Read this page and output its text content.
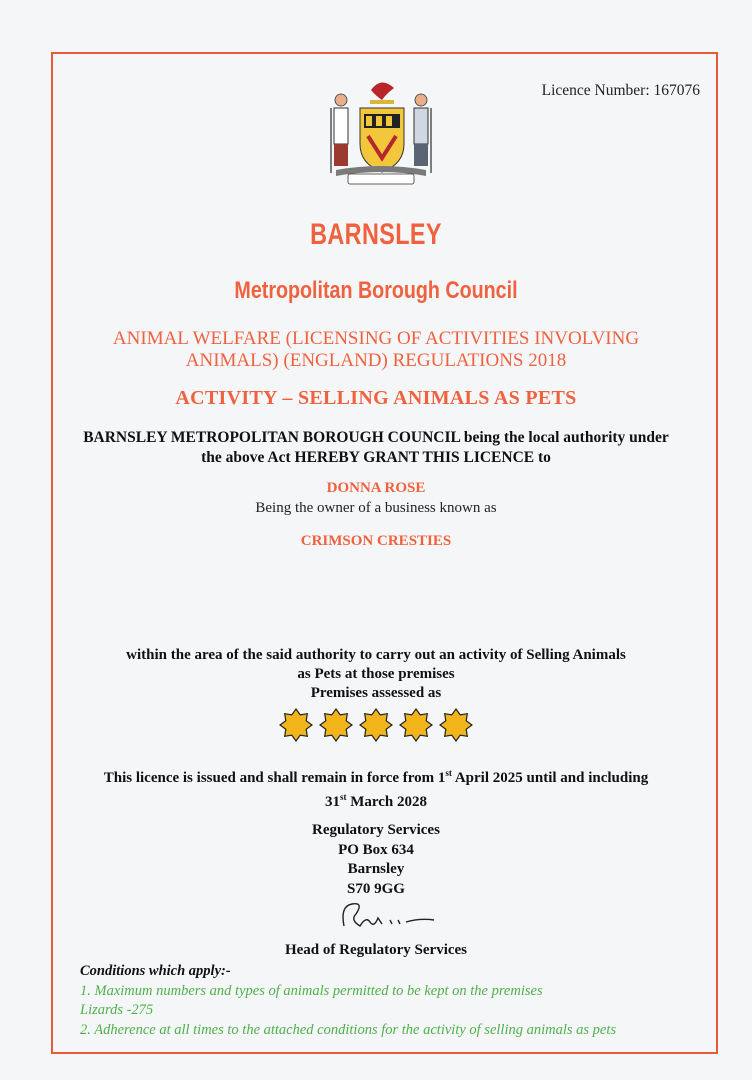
Licence Number: 167076
BARNSLEY
Metropolitan Borough Council
ANIMAL WELFARE (LICENSING OF ACTIVITIES INVOLVING
ANIMALS) (ENGLAND) REGULATIONS 2018
ACTIVITY – SELLING ANIMALS AS PETS
BARNSLEY METROPOLITAN BOROUGH COUNCIL being the local authority under
the above Act HEREBY GRANT THIS LICENCE to
DONNA ROSE
Being the owner of a business known as
CRIMSON CRESTIES
within the area of the said authority to carry out an activity of Selling Animals
as Pets at those premises
Premises assessed as
This licence is issued and shall remain in force from 1st April 2025 until and including
31st March 2028
Regulatory Services
PO Box 634
Barnsley
S70 9GG
Head of Regulatory Services
Conditions which apply:-
1. Maximum numbers and types of animals permitted to be kept on the premises
Lizards -275
2. Adherence at all times to the attached conditions for the activity of selling animals as pets
